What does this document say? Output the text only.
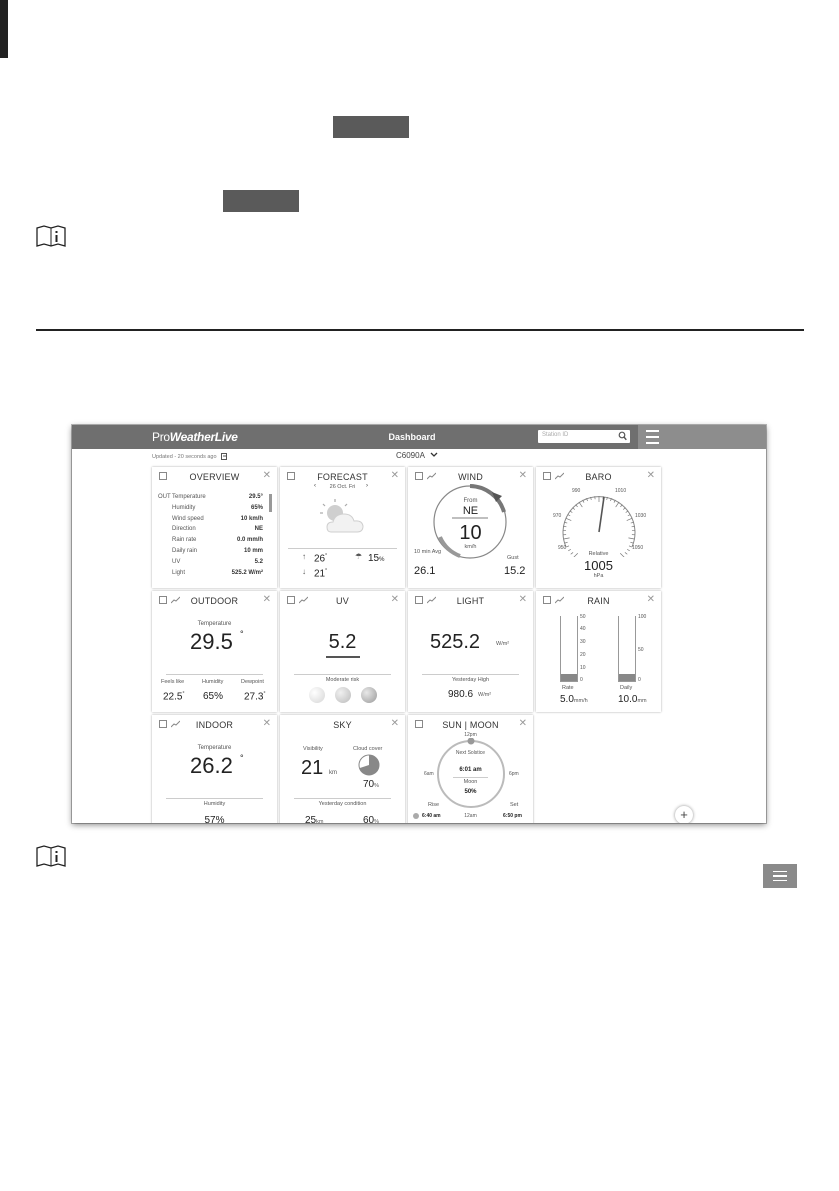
ProWeatherLive	Dashboard	Station ID
Updated - 20 seconds ago	C6090A
OVERVIEW	✕
OUT Temperature	29.5°
Humidity	65%
Wind speed	10 km/h
Direction	NE
Rain rate	0.0 mm/h
Daily rain	10 mm
UV	5.2
Light	525.2 W/m²
FORECAST	✕
‹	26 Oct. Fri	›
↑ 26°	☂ 15%
↓ 21°
WIND	✕
From
NE
10
km/h
10 min Avg
26.1
Gust
15.2
BARO	✕
Relative
1005
hPa
950
970
990	1010
1030
1050
OUTDOOR	✕
Temperature
29.5 °
Feels like	Humidity	Dewpoint
22.5° 65% 27.3°
UV	✕
5.2
Moderate risk
LIGHT	✕
525.2	W/m²
Yesterday High
980.6 W/m²
RAIN	✕
50
40
30
20
10
0
100
50
0
Rate	Daily
5.0mm/h	10.0mm
INDOOR	✕
Temperature
26.2 °
Humidity
57%
SKY	✕
Visibility
21 km
Cloud cover
70%
Yesterday condition
25km	60%
SUN | MOON	✕
12pm
6am	6pm
12am
Next Solstice
6:01 am
Moon
50%
Rise	Set
6:40 am	6:50 pm	+
